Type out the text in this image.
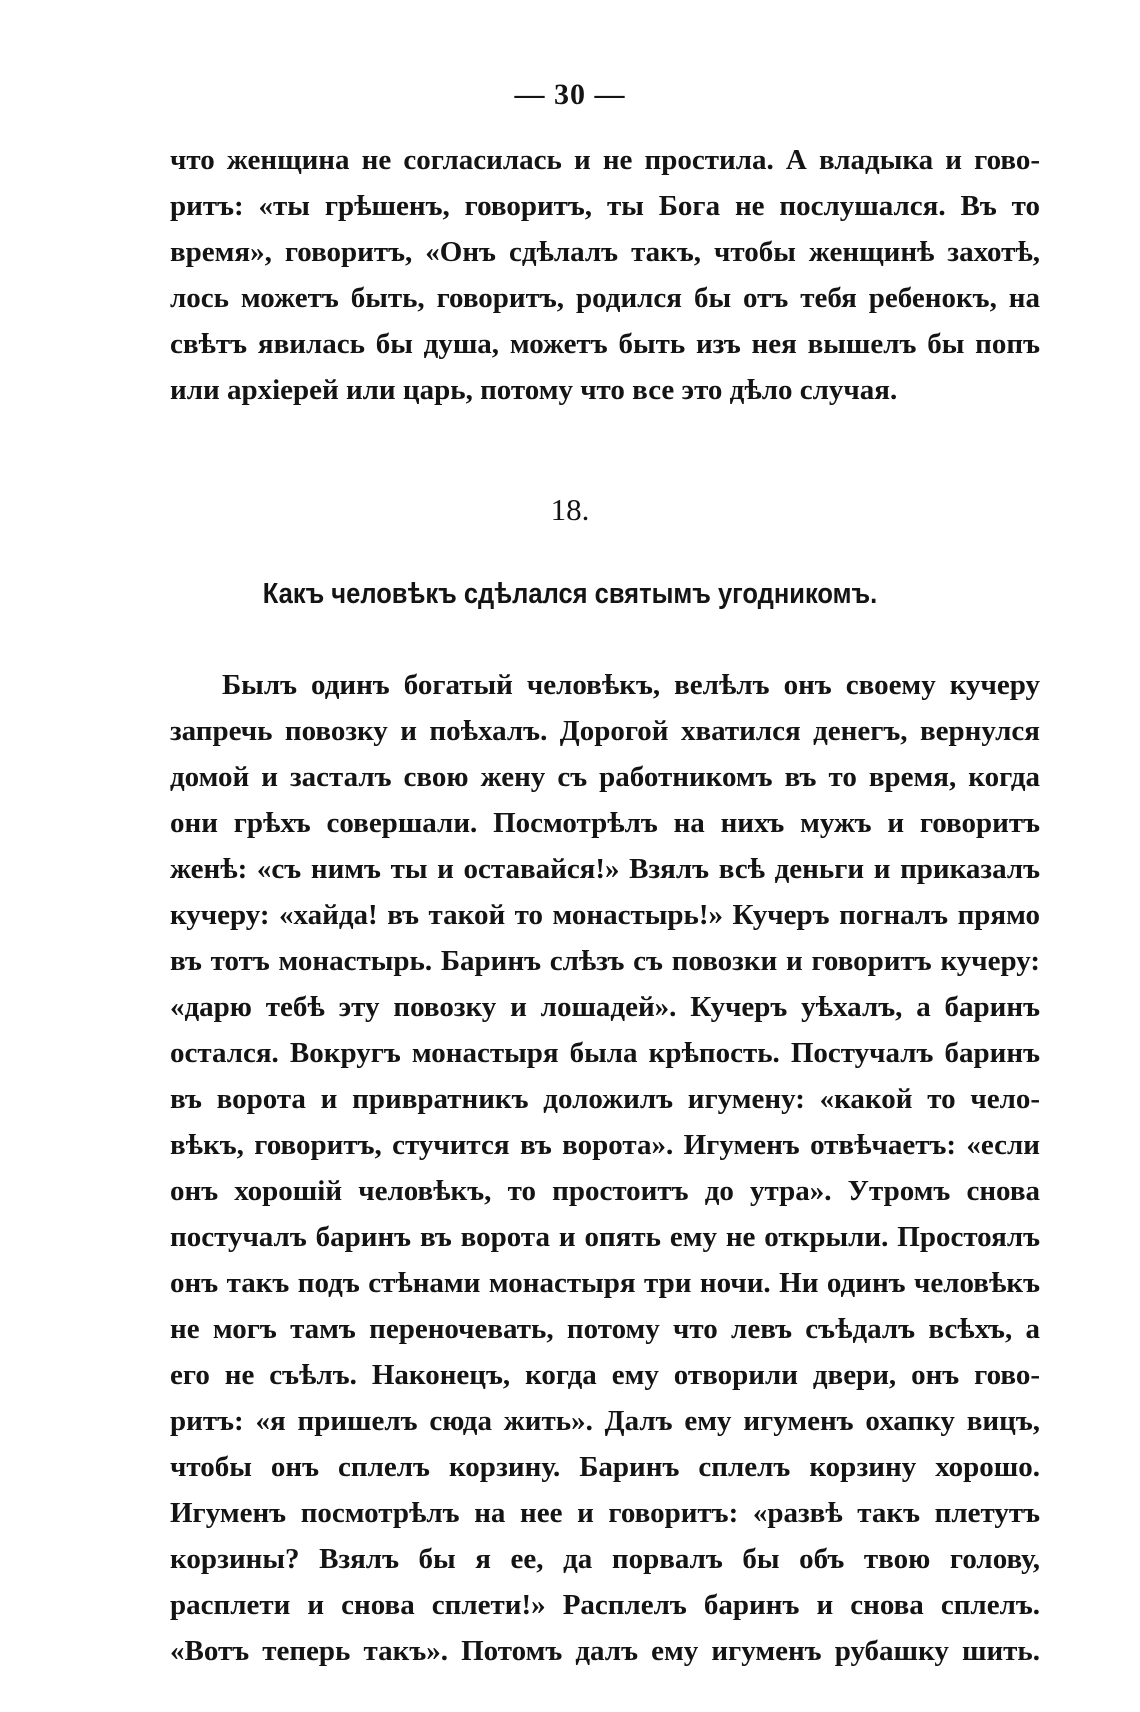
— 30 —
что женщина не согласилась и не простила. А владыка и гово-
ритъ: «ты грѣшенъ, говоритъ, ты Бога не послушался. Въ то
время», говоритъ, «Онъ сдѣлалъ такъ, чтобы женщинѣ захотѣ,
лось можетъ быть, говоритъ, родился бы отъ тебя ребенокъ, на
свѣтъ явилась бы душа, можетъ быть изъ нея вышелъ бы попъ
или архіерей или царь, потому что все это дѣло случая.
18.
Какъ человѣкъ сдѣлался святымъ угодникомъ.
Былъ одинъ богатый человѣкъ, велѣлъ онъ своему кучеру
запречь повозку и поѣхалъ. Дорогой хватился денегъ, вернулся
домой и засталъ свою жену съ работникомъ въ то время, когда
они грѣхъ совершали. Посмотрѣлъ на нихъ мужъ и говоритъ
женѣ: «съ нимъ ты и оставайся!» Взялъ всѣ деньги и приказалъ
кучеру: «хайда! въ такой то монастырь!» Кучеръ погналъ прямо
въ тотъ монастырь. Баринъ слѣзъ съ повозки и говоритъ кучеру:
«дарю тебѣ эту повозку и лошадей». Кучеръ уѣхалъ, а баринъ
остался. Вокругъ монастыря была крѣпость. Постучалъ баринъ
въ ворота и привратникъ доложилъ игумену: «какой то чело-
вѣкъ, говоритъ, стучится въ ворота». Игуменъ отвѣчаетъ: «если
онъ хорошій человѣкъ, то простоитъ до утра». Утромъ снова
постучалъ баринъ въ ворота и опять ему не открыли. Простоялъ
онъ такъ подъ стѣнами монастыря три ночи. Ни одинъ человѣкъ
не могъ тамъ переночевать, потому что левъ съѣдалъ всѣхъ, а
его не съѣлъ. Наконецъ, когда ему отворили двери, онъ гово-
ритъ: «я пришелъ сюда жить». Далъ ему игуменъ охапку вицъ,
чтобы онъ сплелъ корзину. Баринъ сплелъ корзину хорошо.
Игуменъ посмотрѣлъ на нее и говоритъ: «развѣ такъ плетутъ
корзины? Взялъ бы я ее, да порвалъ бы объ твою голову,
расплети и снова сплети!» Расплелъ баринъ и снова сплелъ.
«Вотъ теперь такъ». Потомъ далъ ему игуменъ рубашку шить.
